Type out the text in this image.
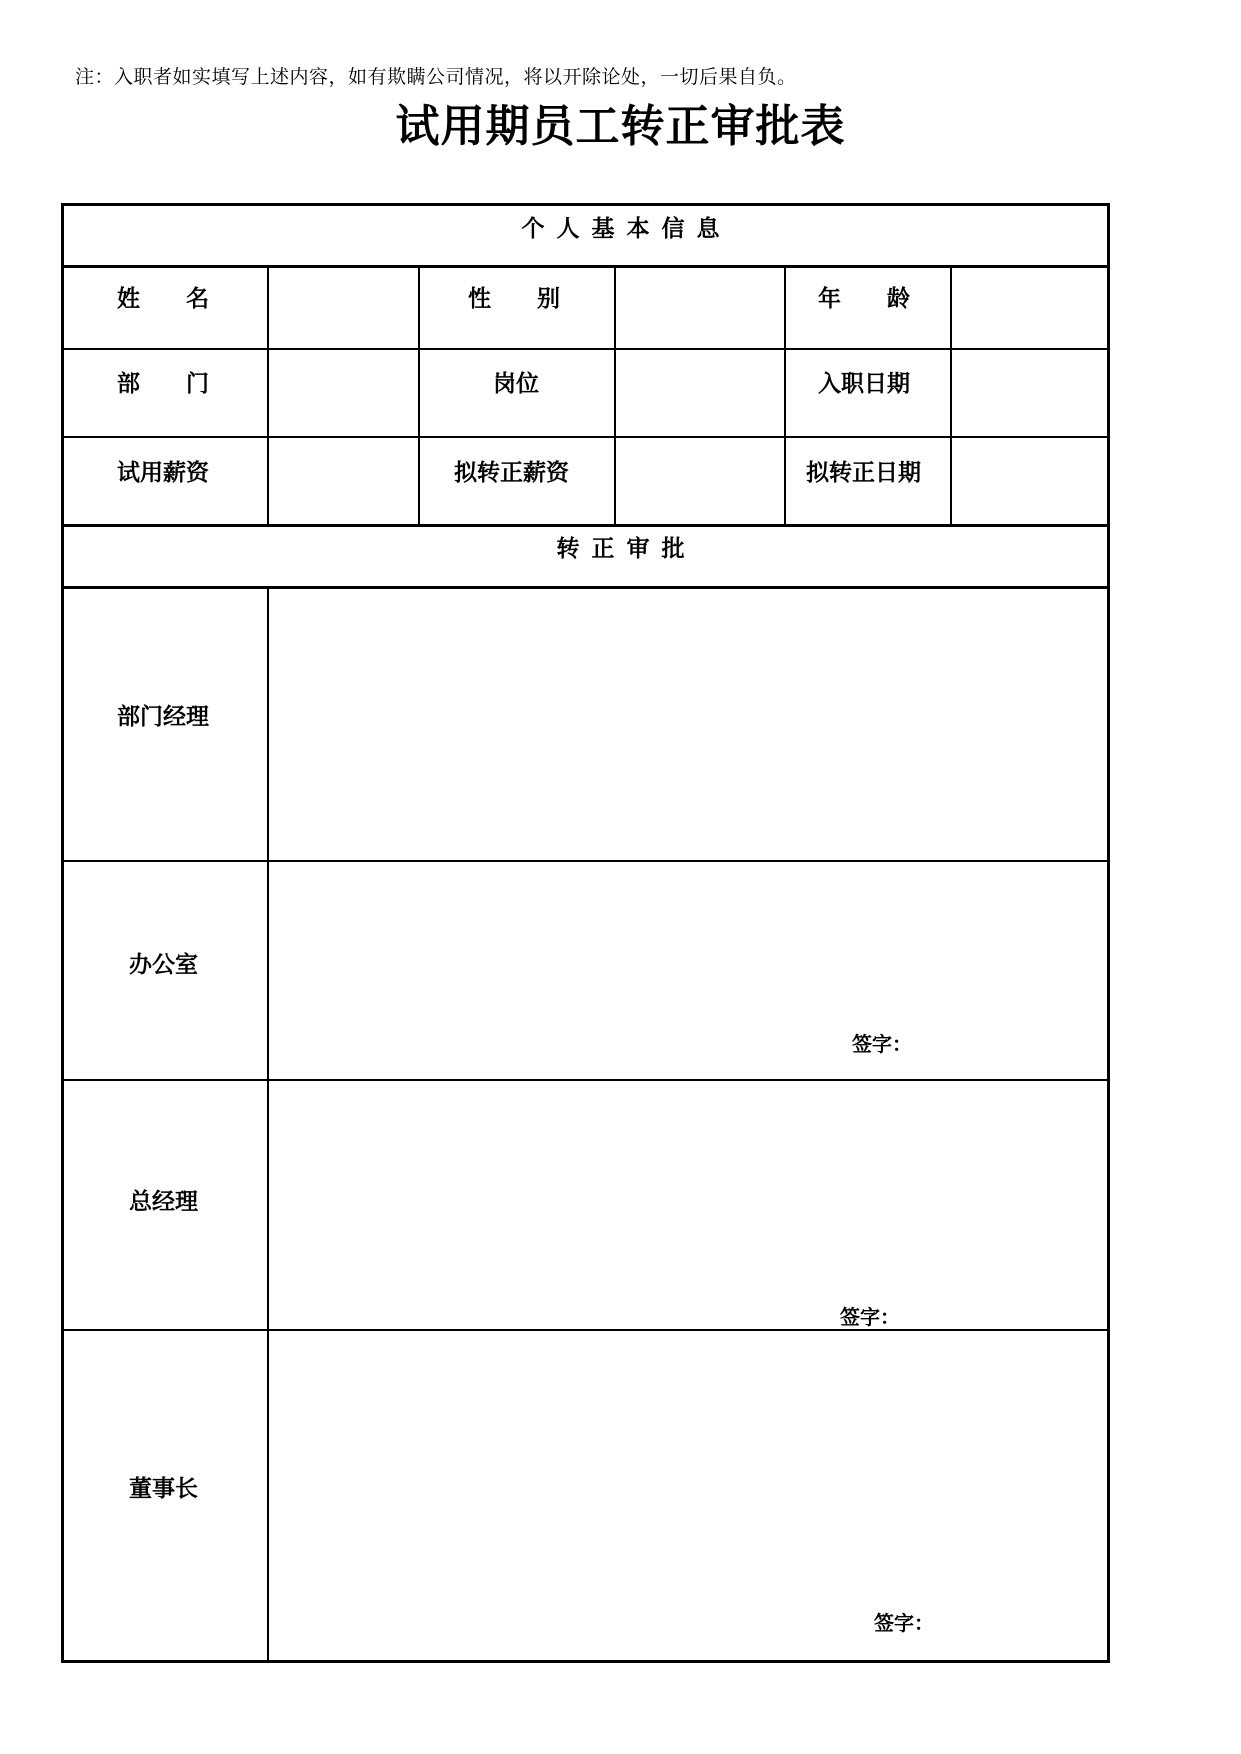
注：入职者如实填写上述内容，如有欺瞒公司情况，将以开除论处，一切后果自负。
试用期员工转正审批表
个人基本信息
姓　　名	性　　别	年　　龄
部　　门	岗位	入职日期
试用薪资	拟转正薪资	拟转正日期
转正审批
部门经理
办公室
签字：
总经理
签字：
董事长
签字：
